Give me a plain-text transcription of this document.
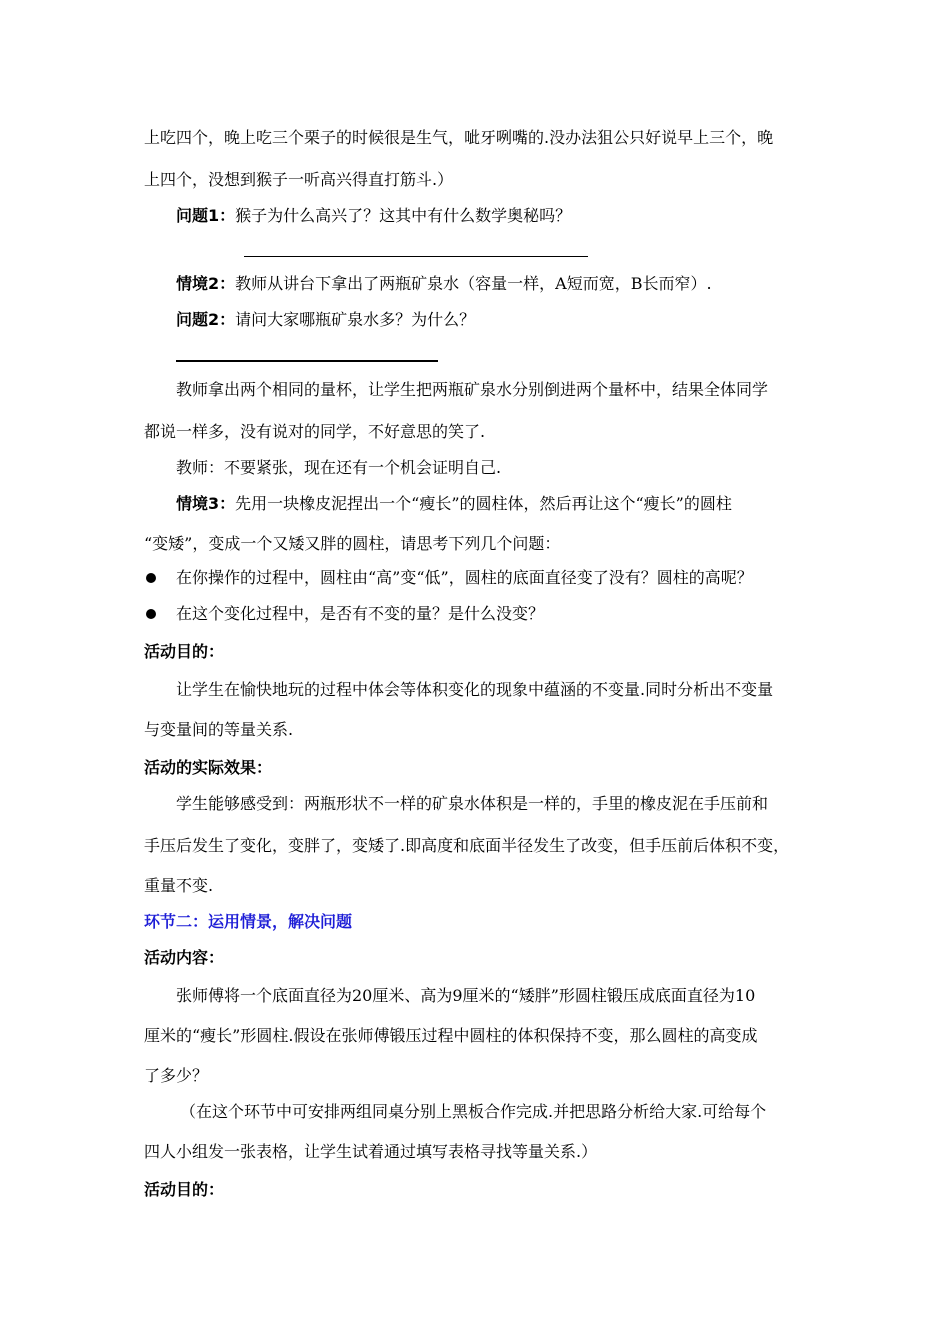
上吃四个，晚上吃三个栗子的时候很是生气，呲牙咧嘴的.没办法狙公只好说早上三个，晚
上四个，没想到猴子一听高兴得直打筋斗.）
问题1：猴子为什么高兴了？这其中有什么数学奥秘吗？
情境2：教师从讲台下拿出了两瓶矿泉水（容量一样，A短而宽，B长而窄）.
问题2：请问大家哪瓶矿泉水多？为什么？
教师拿出两个相同的量杯，让学生把两瓶矿泉水分别倒进两个量杯中，结果全体同学
都说一样多，没有说对的同学，不好意思的笑了.
教师：不要紧张，现在还有一个机会证明自己.
情境3：先用一块橡皮泥捏出一个“瘦长”的圆柱体，然后再让这个“瘦长”的圆柱
“变矮”，变成一个又矮又胖的圆柱，请思考下列几个问题：
在你操作的过程中，圆柱由“高”变“低”，圆柱的底面直径变了没有？圆柱的高呢？
在这个变化过程中，是否有不变的量？是什么没变？
活动目的：
让学生在愉快地玩的过程中体会等体积变化的现象中蕴涵的不变量.同时分析出不变量
与变量间的等量关系.
活动的实际效果：
学生能够感受到：两瓶形状不一样的矿泉水体积是一样的，手里的橡皮泥在手压前和
手压后发生了变化，变胖了，变矮了.即高度和底面半径发生了改变，但手压前后体积不变，
重量不变.
环节二：运用情景，解决问题
活动内容：
张师傅将一个底面直径为20厘米、高为9厘米的“矮胖”形圆柱锻压成底面直径为10
厘米的“瘦长”形圆柱.假设在张师傅锻压过程中圆柱的体积保持不变，那么圆柱的高变成
了多少？
（在这个环节中可安排两组同桌分别上黑板合作完成.并把思路分析给大家.可给每个
四人小组发一张表格，让学生试着通过填写表格寻找等量关系.）
活动目的：
